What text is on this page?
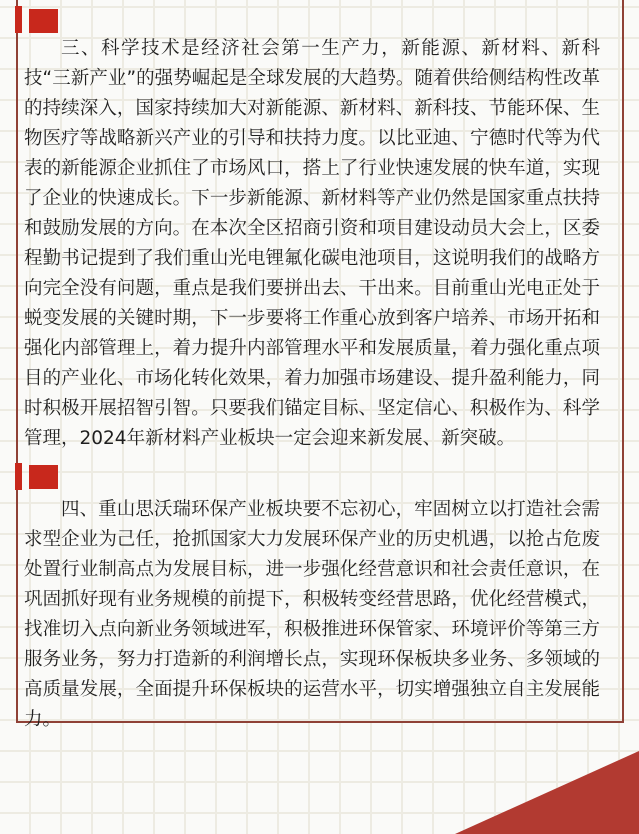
三、科学技术是经济社会第一生产力，新能源、新材料、新科技“三新产业”的强势崛起是全球发展的大趋势。随着供给侧结构性改革的持续深入，国家持续加大对新能源、新材料、新科技、节能环保、生物医疗等战略新兴产业的引导和扶持力度。以比亚迪、宁德时代等为代表的新能源企业抓住了市场风口，搭上了行业快速发展的快车道，实现了企业的快速成长。下一步新能源、新材料等产业仍然是国家重点扶持和鼓励发展的方向。在本次全区招商引资和项目建设动员大会上，区委程勤书记提到了我们重山光电锂氟化碳电池项目，这说明我们的战略方向完全没有问题，重点是我们要拼出去、干出来。目前重山光电正处于蜕变发展的关键时期，下一步要将工作重心放到客户培养、市场开拓和强化内部管理上，着力提升内部管理水平和发展质量，着力强化重点项目的产业化、市场化转化效果，着力加强市场建设、提升盈利能力，同时积极开展招智引智。只要我们锚定目标、坚定信心、积极作为、科学管理，2024年新材料产业板块一定会迎来新发展、新突破。

四、重山思沃瑞环保产业板块要不忘初心，牢固树立以打造社会需求型企业为己任，抢抓国家大力发展环保产业的历史机遇，以抢占危废处置行业制高点为发展目标，进一步强化经营意识和社会责任意识，在巩固抓好现有业务规模的前提下，积极转变经营思路，优化经营模式，找准切入点向新业务领域进军，积极推进环保管家、环境评价等第三方服务业务，努力打造新的利润增长点，实现环保板块多业务、多领域的高质量发展，全面提升环保板块的运营水平，切实增强独立自主发展能力。
